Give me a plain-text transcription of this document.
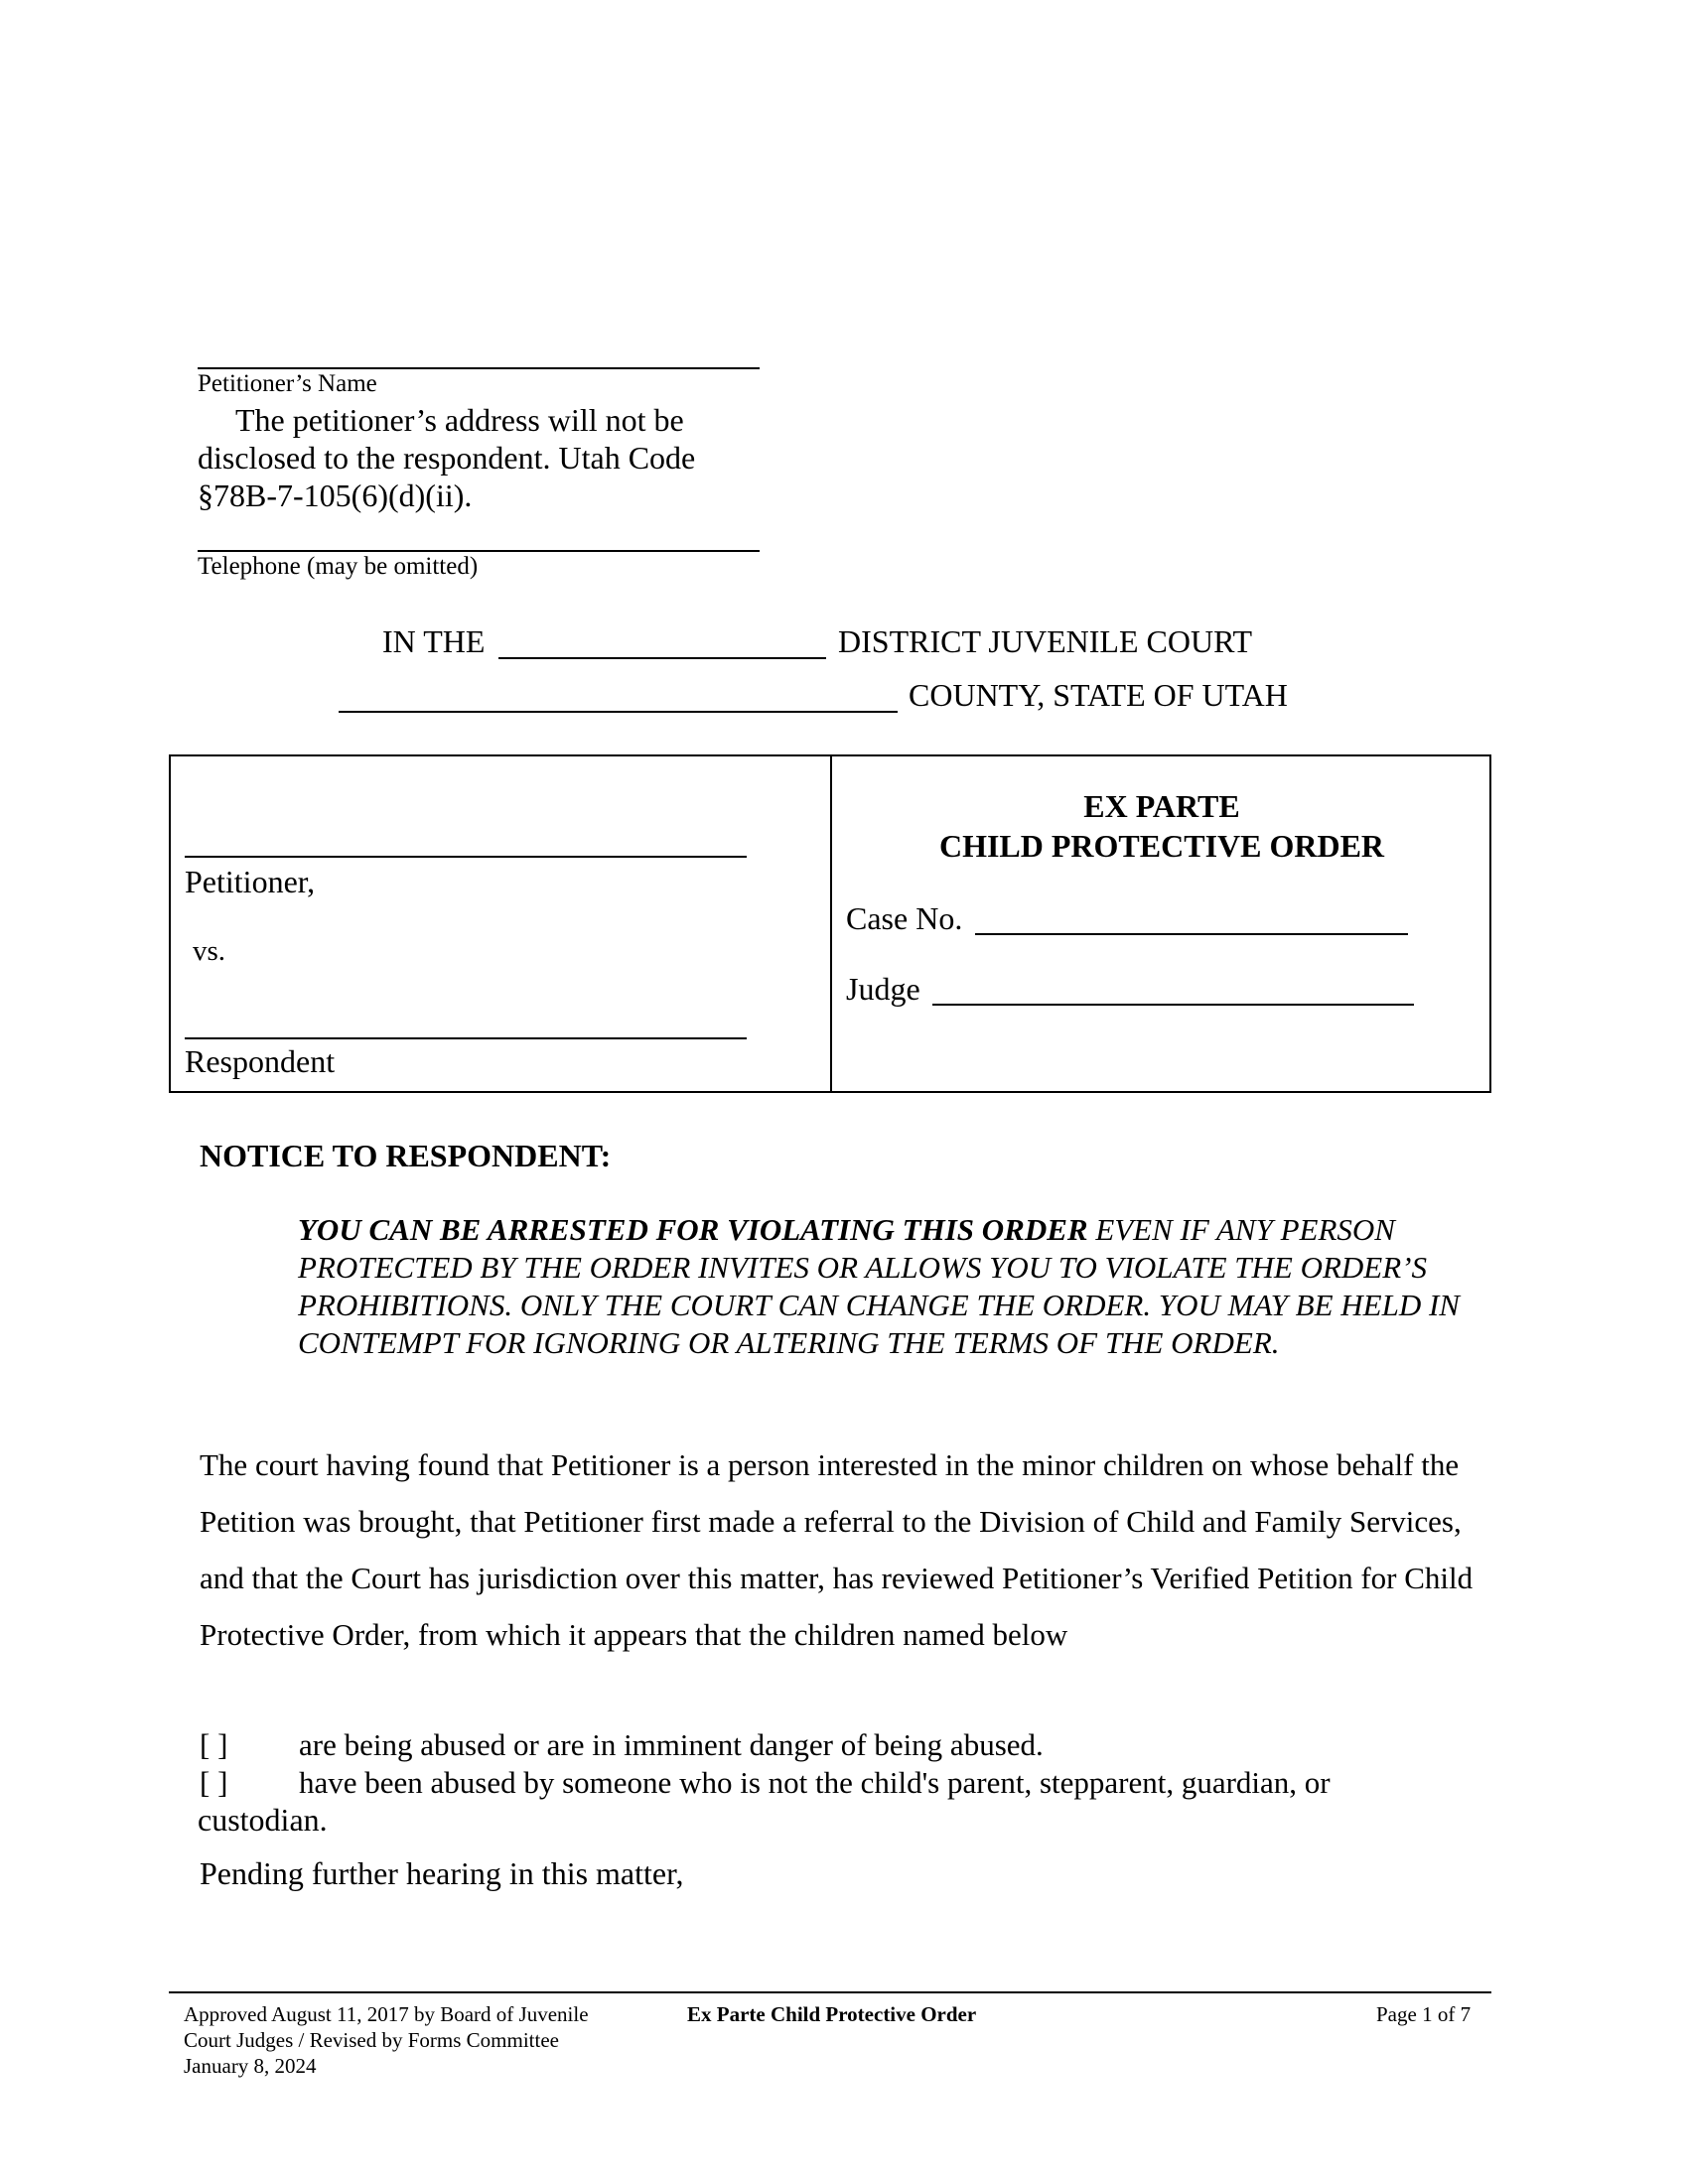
Petitioner’s Name
The petitioner’s address will not be
disclosed to the respondent. Utah Code
§78B-7-105(6)(d)(ii).
Telephone (may be omitted)
IN THE	DISTRICT JUVENILE COURT
COUNTY, STATE OF UTAH
Petitioner,
vs.
Respondent
EX PARTE
CHILD PROTECTIVE ORDER
Case No.
Judge
NOTICE TO RESPONDENT:
YOU CAN BE ARRESTED FOR VIOLATING THIS ORDER EVEN IF ANY PERSON PROTECTED BY THE ORDER INVITES OR ALLOWS YOU TO VIOLATE THE ORDER’S PROHIBITIONS. ONLY THE COURT CAN CHANGE THE ORDER. YOU MAY BE HELD IN CONTEMPT FOR IGNORING OR ALTERING THE TERMS OF THE ORDER.
The court having found that Petitioner is a person interested in the minor children on whose behalf the Petition was brought, that Petitioner first made a referral to the Division of Child and Family Services, and that the Court has jurisdiction over this matter, has reviewed Petitioner’s Verified Petition for Child Protective Order, from which it appears that the children named below
[ ] are being abused or are in imminent danger of being abused.
[ ] have been abused by someone who is not the child's parent, stepparent, guardian, or
custodian.
Pending further hearing in this matter,
Approved August 11, 2017 by Board of Juvenile
Court Judges / Revised by Forms Committee
January 8, 2024
Ex Parte Child Protective Order	Page 1 of 7
